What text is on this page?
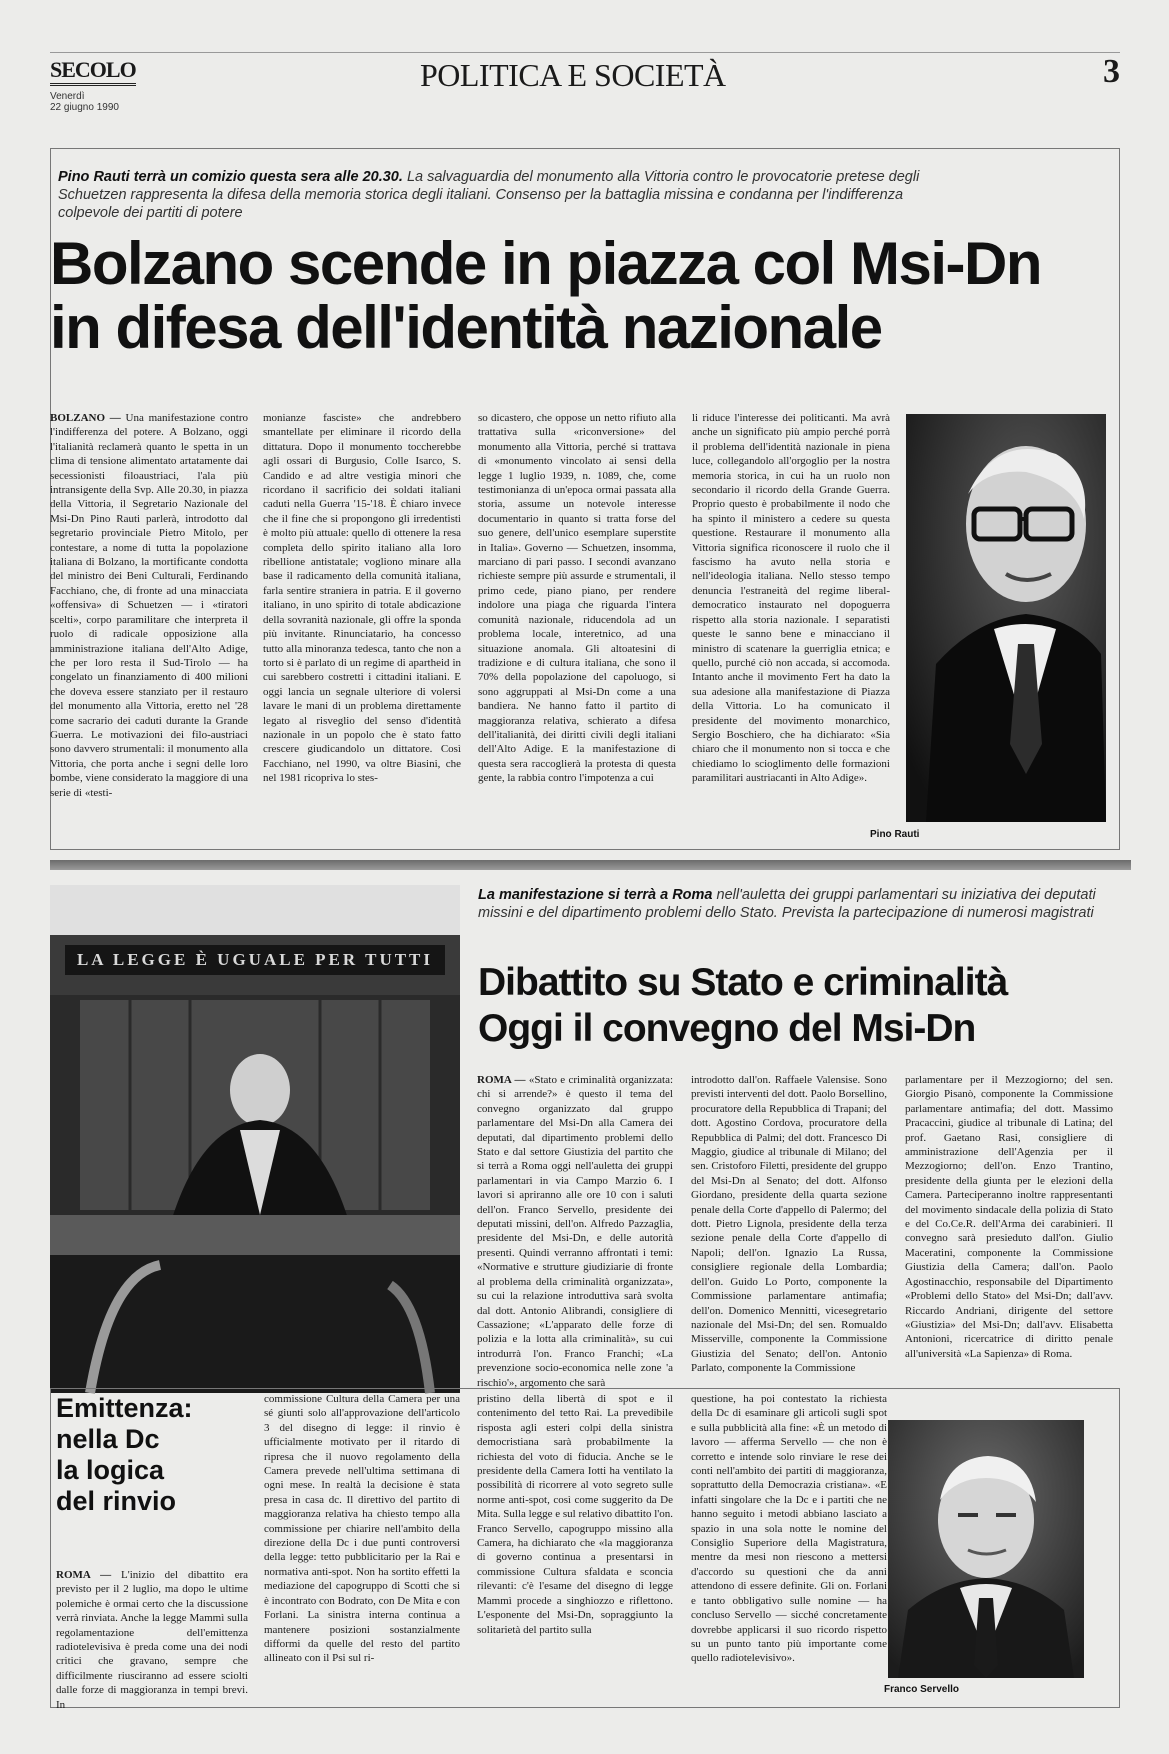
SECOLO
Venerdì
22 giugno 1990
POLITICA E SOCIETÀ	3
Pino Rauti terrà un comizio questa sera alle 20.30. La salvaguardia del monumento alla Vittoria contro le provocatorie pretese degli Schuetzen rappresenta la difesa della memoria storica degli italiani. Consenso per la battaglia missina e condanna per l'indifferenza colpevole dei partiti di potere
Bolzano scende in piazza col Msi-Dn
in difesa dell'identità nazionale
BOLZANO — Una manifestazione contro l'indifferenza del potere. A Bolzano, oggi l'italianità reclamerà quanto le spetta in un clima di tensione alimentato artatamente dai secessionisti filoaustriaci, l'ala più intransigente della Svp. Alle 20.30, in piazza della Vittoria, il Segretario Nazionale del Msi-Dn Pino Rauti parlerà, introdotto dal segretario provinciale Pietro Mitolo, per contestare, a nome di tutta la popolazione italiana di Bolzano, la mortificante condotta del ministro dei Beni Culturali, Ferdinando Facchiano, che, di fronte ad una minacciata «offensiva» di Schuetzen — i «tiratori scelti», corpo paramilitare che interpreta il ruolo di radicale opposizione alla amministrazione italiana dell'Alto Adige, che per loro resta il Sud-Tirolo — ha congelato un finanziamento di 400 milioni che doveva essere stanziato per il restauro del monumento alla Vittoria, eretto nel '28 come sacrario dei caduti durante la Grande Guerra. Le motivazioni dei filo-austriaci sono davvero strumentali: il monumento alla Vittoria, che porta anche i segni delle loro bombe, viene considerato la maggiore di una serie di «testi-
monianze fasciste» che andrebbero smantellate per eliminare il ricordo della dittatura. Dopo il monumento toccherebbe agli ossari di Burgusio, Colle Isarco, S. Candido e ad altre vestigia minori che ricordano il sacrificio dei soldati italiani caduti nella Guerra '15-'18. È chiaro invece che il fine che si propongono gli irredentisti è molto più attuale: quello di ottenere la resa completa dello spirito italiano alla loro ribellione antistatale; vogliono minare alla base il radicamento della comunità italiana, farla sentire straniera in patria. E il governo italiano, in uno spirito di totale abdicazione della sovranità nazionale, gli offre la sponda più invitante. Rinunciatario, ha concesso tutto alla minoranza tedesca, tanto che non a torto si è parlato di un regime di apartheid in cui sarebbero costretti i cittadini italiani. E oggi lancia un segnale ulteriore di volersi lavare le mani di un problema direttamente legato al risveglio del senso d'identità nazionale in un popolo che è stato fatto crescere giudicandolo un dittatore. Così Facchiano, nel 1990, va oltre Biasini, che nel 1981 ricopriva lo stes-
so dicastero, che oppose un netto rifiuto alla trattativa sulla «riconversione» del monumento alla Vittoria, perché si trattava di «monumento vincolato ai sensi della legge 1 luglio 1939, n. 1089, che, come testimonianza di un'epoca ormai passata alla storia, assume un notevole interesse documentario in quanto si tratta forse del suo genere, dell'unico esemplare superstite in Italia». Governo — Schuetzen, insomma, marciano di pari passo. I secondi avanzano richieste sempre più assurde e strumentali, il primo cede, piano piano, per rendere indolore una piaga che riguarda l'intera comunità nazionale, riducendola ad un problema locale, interetnico, ad una situazione anomala. Gli altoatesini di tradizione e di cultura italiana, che sono il 70% della popolazione del capoluogo, si sono aggruppati al Msi-Dn come a una bandiera. Ne hanno fatto il partito di maggioranza relativa, schierato a difesa dell'italianità, dei diritti civili degli italiani dell'Alto Adige. E la manifestazione di questa sera raccoglierà la protesta di questa gente, la rabbia contro l'impotenza a cui
li riduce l'interesse dei politicanti. Ma avrà anche un significato più ampio perché porrà il problema dell'identità nazionale in piena luce, collegandolo all'orgoglio per la nostra memoria storica, in cui ha un ruolo non secondario il ricordo della Grande Guerra. Proprio questo è probabilmente il nodo che ha spinto il ministero a cedere su questa questione. Restaurare il monumento alla Vittoria significa riconoscere il ruolo che il fascismo ha avuto nella storia e nell'ideologia italiana. Nello stesso tempo denuncia l'estraneità del regime liberal-democratico instaurato nel dopoguerra rispetto alla storia nazionale. I separatisti queste le sanno bene e minacciano il ministro di scatenare la guerriglia etnica; e quello, purché ciò non accada, si accomoda. Intanto anche il movimento Fert ha dato la sua adesione alla manifestazione di Piazza della Vittoria. Lo ha comunicato il presidente del movimento monarchico, Sergio Boschiero, che ha dichiarato: «Sia chiaro che il monumento non si tocca e che chiediamo lo scioglimento delle formazioni paramilitari austriacanti in Alto Adige».
Pino Rauti
LA LEGGE È UGUALE PER TUTTI
La manifestazione si terrà a Roma nell'auletta dei gruppi parlamentari su iniziativa dei deputati missini e del dipartimento problemi dello Stato. Prevista la partecipazione di numerosi magistrati
Dibattito su Stato e criminalità
Oggi il convegno del Msi-Dn
ROMA — «Stato e criminalità organizzata: chi si arrende?» è questo il tema del convegno organizzato dal gruppo parlamentare del Msi-Dn alla Camera dei deputati, dal dipartimento problemi dello Stato e dal settore Giustizia del partito che si terrà a Roma oggi nell'auletta dei gruppi parlamentari in via Campo Marzio 6. I lavori si apriranno alle ore 10 con i saluti dell'on. Franco Servello, presidente dei deputati missini, dell'on. Alfredo Pazzaglia, presidente del Msi-Dn, e delle autorità presenti. Quindi verranno affrontati i temi: «Normative e strutture giudiziarie di fronte al problema della criminalità organizzata», su cui la relazione introduttiva sarà svolta dal dott. Antonio Alibrandi, consigliere di Cassazione; «L'apparato delle forze di polizia e la lotta alla criminalità», su cui introdurrà l'on. Franco Franchi; «La prevenzione socio-economica nelle zone 'a rischio'», argomento che sarà
introdotto dall'on. Raffaele Valensise. Sono previsti interventi del dott. Paolo Borsellino, procuratore della Repubblica di Trapani; del dott. Agostino Cordova, procuratore della Repubblica di Palmi; del dott. Francesco Di Maggio, giudice al tribunale di Milano; del sen. Cristoforo Filetti, presidente del gruppo del Msi-Dn al Senato; del dott. Alfonso Giordano, presidente della quarta sezione penale della Corte d'appello di Palermo; del dott. Pietro Lignola, presidente della terza sezione penale della Corte d'appello di Napoli; dell'on. Ignazio La Russa, consigliere regionale della Lombardia; dell'on. Guido Lo Porto, componente la Commissione parlamentare antimafia; dell'on. Domenico Mennitti, vicesegretario nazionale del Msi-Dn; del sen. Romualdo Misserville, componente la Commissione Giustizia del Senato; dell'on. Antonio Parlato, componente la Commissione
parlamentare per il Mezzogiorno; del sen. Giorgio Pisanò, componente la Commissione parlamentare antimafia; del dott. Massimo Pracaccini, giudice al tribunale di Latina; del prof. Gaetano Rasi, consigliere di amministrazione dell'Agenzia per il Mezzogiorno; dell'on. Enzo Trantino, presidente della giunta per le elezioni della Camera. Parteciperanno inoltre rappresentanti del movimento sindacale della polizia di Stato e del Co.Ce.R. dell'Arma dei carabinieri. Il convegno sarà presieduto dall'on. Giulio Maceratini, componente la Commissione Giustizia della Camera; dall'on. Paolo Agostinacchio, responsabile del Dipartimento «Problemi dello Stato» del Msi-Dn; dall'avv. Riccardo Andriani, dirigente del settore «Giustizia» del Msi-Dn; dall'avv. Elisabetta Antonioni, ricercatrice di diritto penale all'università «La Sapienza» di Roma.
Emittenza:
nella Dc
la logica
del rinvio
ROMA — L'inizio del dibattito era previsto per il 2 luglio, ma dopo le ultime polemiche è ormai certo che la discussione verrà rinviata. Anche la legge Mammì sulla regolamentazione dell'emittenza radiotelevisiva è preda come una dei nodi critici che gravano, sempre che difficilmente riusciranno ad essere sciolti dalle forze di maggioranza in tempi brevi. In
commissione Cultura della Camera per una sé giunti solo all'approvazione dell'articolo 3 del disegno di legge: il rinvio è ufficialmente motivato per il ritardo di ripresa che il nuovo regolamento della Camera prevede nell'ultima settimana di ogni mese. In realtà la decisione è stata presa in casa dc. Il direttivo del partito di maggioranza relativa ha chiesto tempo alla commissione per chiarire nell'ambito della direzione della Dc i due punti controversi della legge: tetto pubblicitario per la Rai e normativa anti-spot. Non ha sortito effetti la mediazione del capogruppo di Scotti che si è incontrato con Bodrato, con De Mita e con Forlani. La sinistra interna continua a mantenere posizioni sostanzialmente difformi da quelle del resto del partito allineato con il Psi sul ri-
pristino della libertà di spot e il contenimento del tetto Rai. La prevedibile risposta agli esteri colpi della sinistra democristiana sarà probabilmente la richiesta del voto di fiducia. Anche se le presidente della Camera Iotti ha ventilato la possibilità di ricorrere al voto segreto sulle norme anti-spot, così come suggerito da De Mita. Sulla legge e sul relativo dibattito l'on. Franco Servello, capogruppo missino alla Camera, ha dichiarato che «la maggioranza di governo continua a presentarsi in commissione Cultura sfaldata e sconcia rilevanti: c'è l'esame del disegno di legge Mammì procede a singhiozzo e riflettono. L'esponente del Msi-Dn, sopraggiunto la solitarietà del partito sulla
questione, ha poi contestato la richiesta della Dc di esaminare gli articoli sugli spot e sulla pubblicità alla fine: «È un metodo di lavoro — afferma Servello — che non è corretto e intende solo rinviare le rese dei conti nell'ambito dei partiti di maggioranza, soprattutto della Democrazia cristiana». «E infatti singolare che la Dc e i partiti che ne hanno seguito i metodi abbiano lasciato a spazio in una sola notte le nomine del Consiglio Superiore della Magistratura, mentre da mesi non riescono a mettersi d'accordo su questioni che da anni attendono di essere definite. Gli on. Forlani e tanto obbligativo sulle nomine — ha concluso Servello — sicché concretamente dovrebbe applicarsi il suo ricordo rispetto su un punto tanto più importante come quello radiotelevisivo».
Franco Servello
